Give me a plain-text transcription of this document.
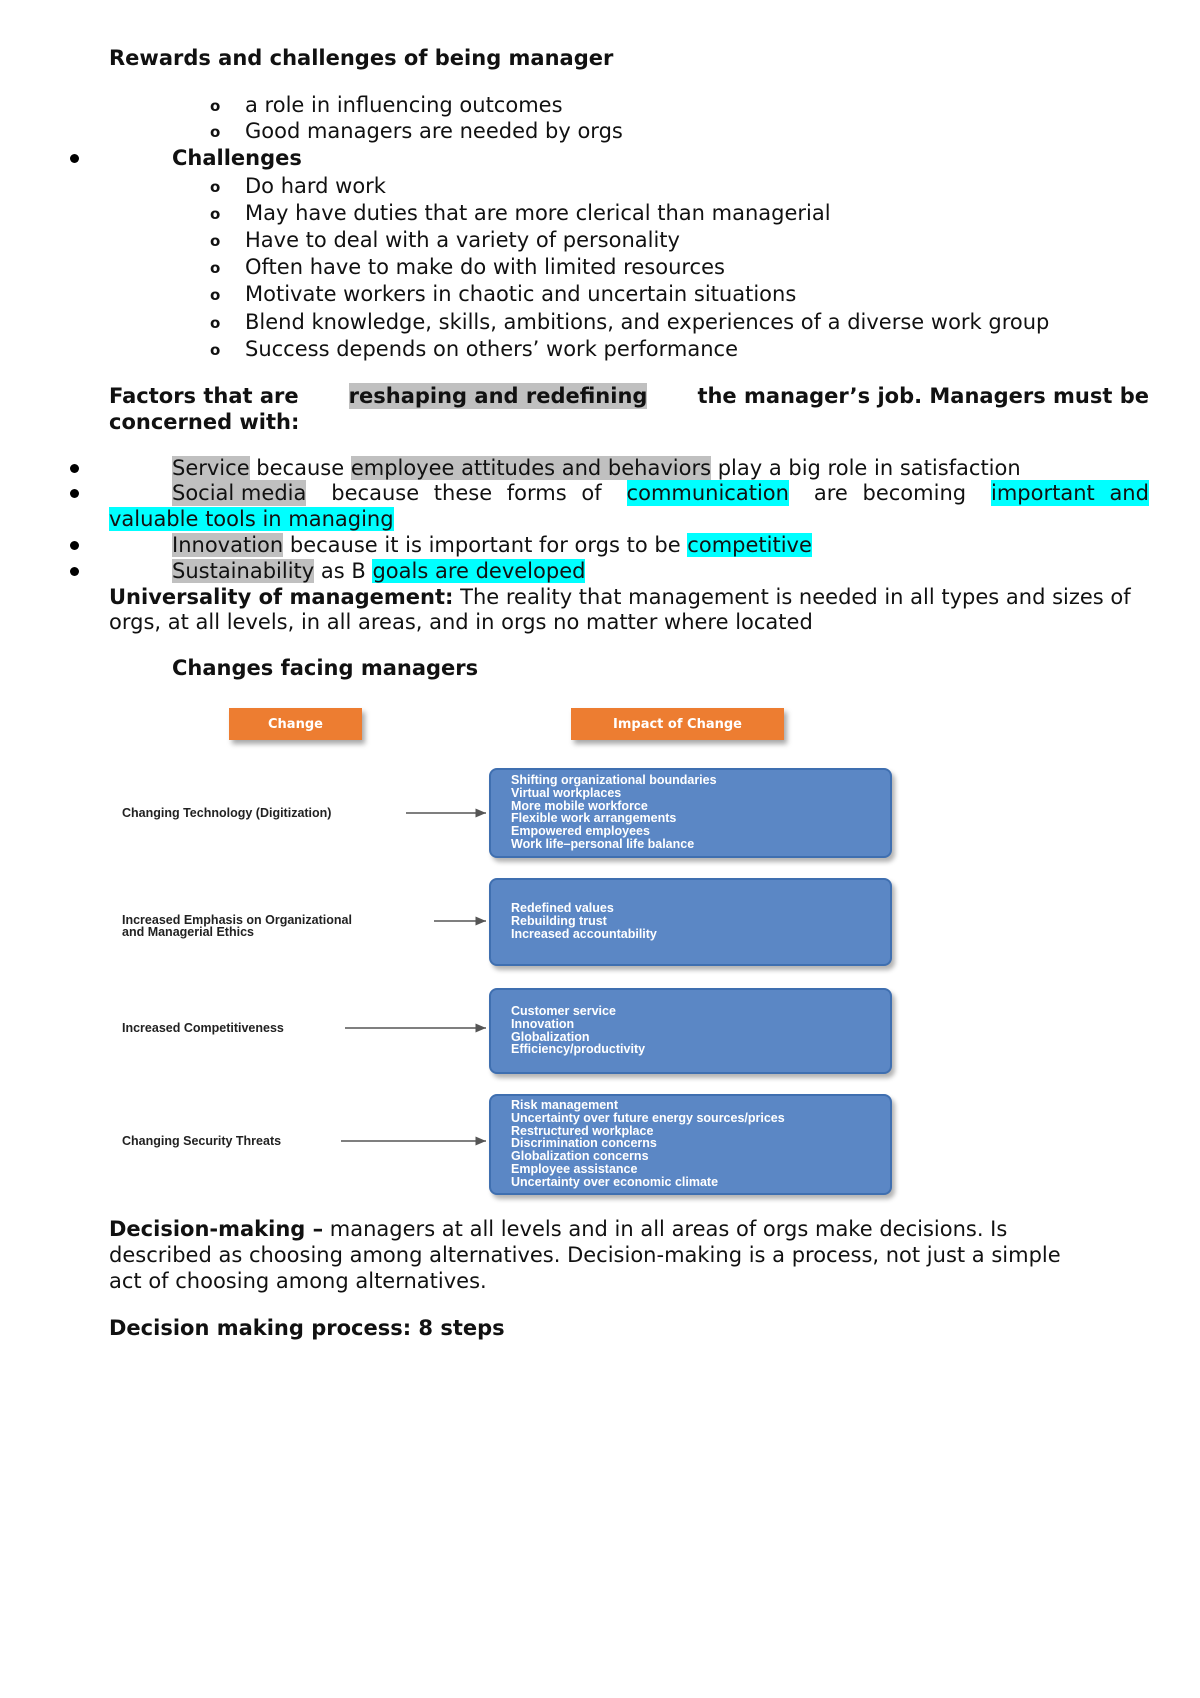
Rewards and challenges of being manager
o a role in influencing outcomes
o Good managers are needed by orgs
Challenges
o Do hard work
o May have duties that are more clerical than managerial
o Have to deal with a variety of personality
o Often have to make do with limited resources
o Motivate workers in chaotic and uncertain situations
o Blend knowledge, skills, ambitions, and experiences of a diverse work group
o Success depends on others’ work performance
Factors that are reshaping and redefining the manager’s job. Managers must be
concerned with:
Service because employee attitudes and behaviors play a big role in satisfaction
Social media because these forms of communication are becoming important and
valuable tools in managing
Innovation because it is important for orgs to be competitive
Sustainability as B goals are developed
Universality of management: The reality that management is needed in all types and sizes of
orgs, at all levels, in all areas, and in orgs no matter where located
Changes facing managers
Change	Impact of Change
Changing Technology (Digitization)
Shifting organizational boundaries
Virtual workplaces
More mobile workforce
Flexible work arrangements
Empowered employees
Work life–personal life balance
Increased Emphasis on Organizational
and Managerial Ethics
Redefined values
Rebuilding trust
Increased accountability
Increased Competitiveness
Customer service
Innovation
Globalization
Efficiency/productivity
Changing Security Threats
Risk management
Uncertainty over future energy sources/prices
Restructured workplace
Discrimination concerns
Globalization concerns
Employee assistance
Uncertainty over economic climate
Decision-making – managers at all levels and in all areas of orgs make decisions. Is
described as choosing among alternatives. Decision-making is a process, not just a simple
act of choosing among alternatives.
Decision making process: 8 steps
